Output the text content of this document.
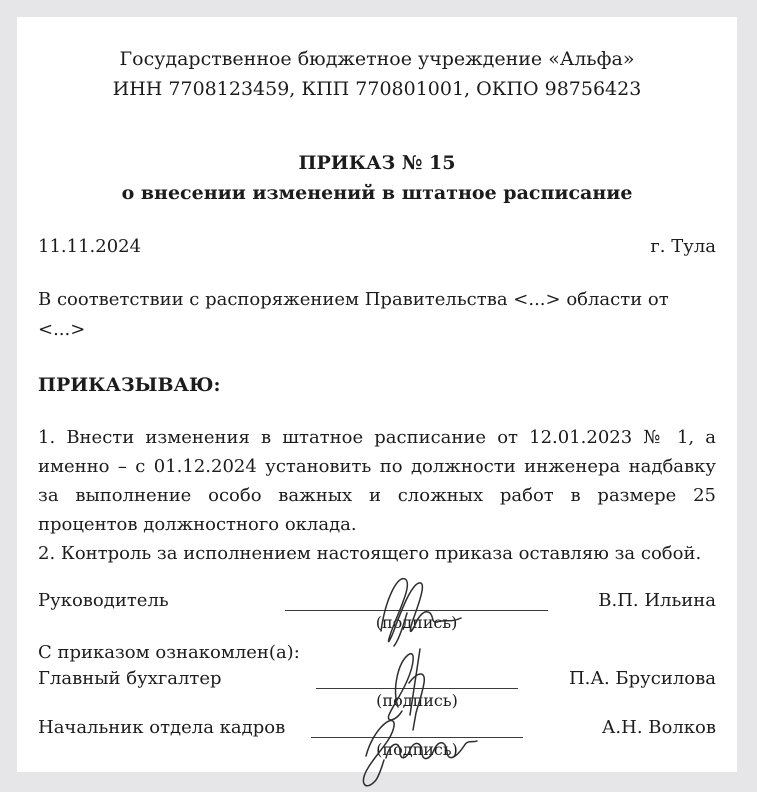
Государственное бюджетное учреждение «Альфа»
ИНН 7708123459, КПП 770801001, ОКПО 98756423
ПРИКАЗ № 15
о внесении изменений в штатное расписание
11.11.2024	г. Тула
В соответствии с распоряжением Правительства <...> области от <...>
ПРИКАЗЫВАЮ:
1. Внести изменения в штатное расписание от 12.01.2023 № 1, а именно – с 01.12.2024 установить по должности инженера надбавку за выполнение особо важных и сложных работ в размере 25 процентов должностного оклада.
2. Контроль за исполнением настоящего приказа оставляю за собой.
Руководитель
(подпись)
В.П. Ильина
С приказом ознакомлен(а):
Главный бухгалтер
(подпись)
П.А. Брусилова
Начальник отдела кадров
(подпись)
А.Н. Волков
